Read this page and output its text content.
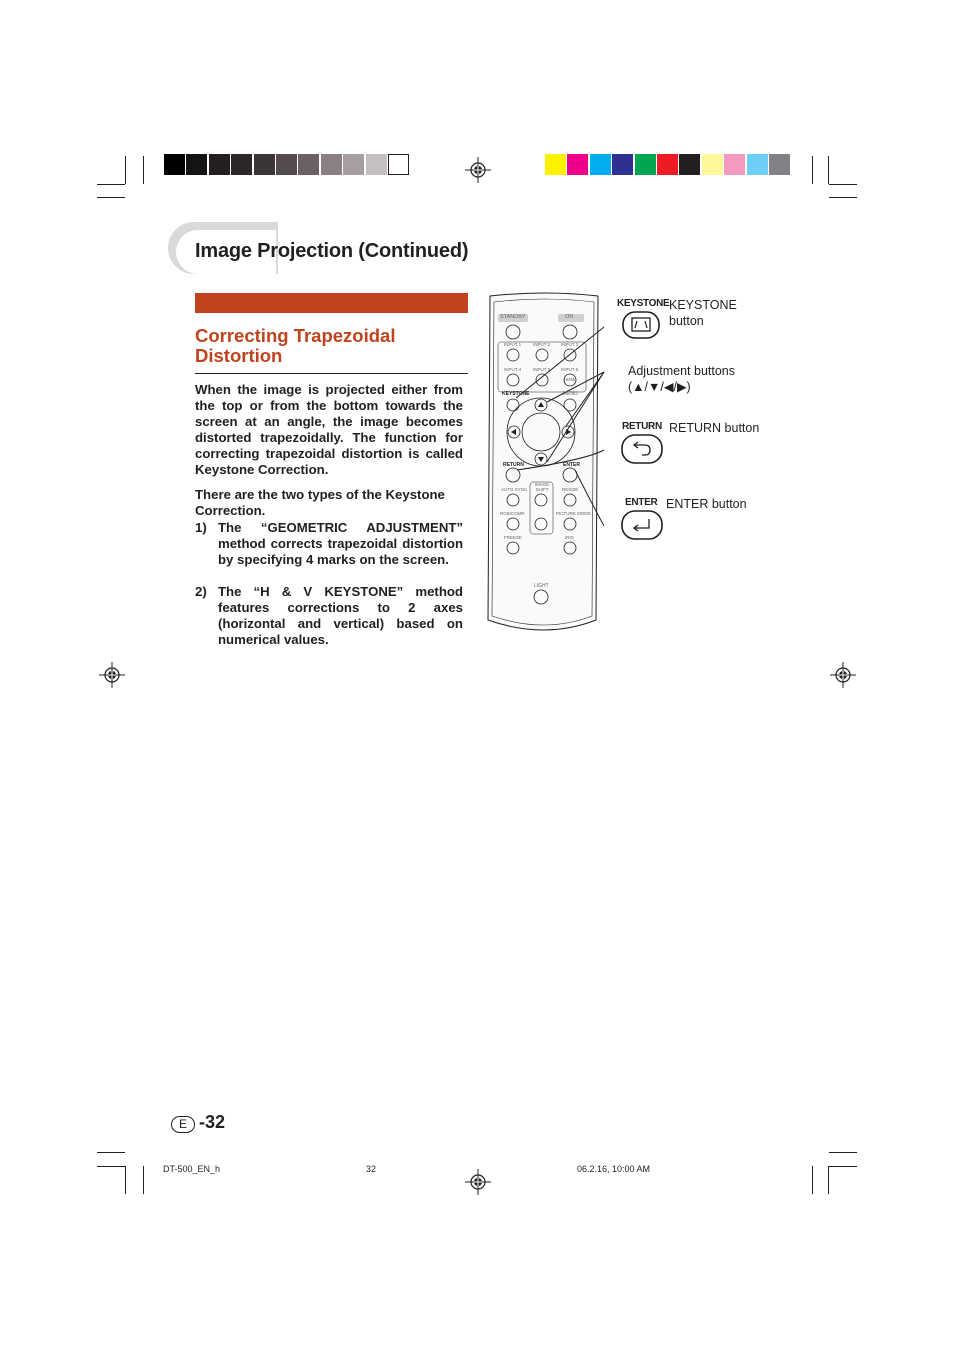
Image Projection (Continued)
Correcting Trapezoidal Distortion
When the image is projected either from the top or from the bottom towards the screen at an angle, the image becomes distorted trapezoidally. The function for correcting trapezoidal distortion is called Keystone Correction.
There are the two types of the Keystone Correction.
1) The “GEOMETRIC ADJUSTMENT” method corrects trapezoidal distortion by specifying 4 marks on the screen.
2) The “H & V KEYSTONE” method features corrections to 2 axes (horizontal and vertical) based on numerical values.
STANDBY	ON
INPUT 1	INPUT 2 INPUT 3
INPUT 4	INPUT 5 INPUT 6
HDMI
KEYSTONE	MENU
RETURN	ENTER
AUTO SYNC
IMAGE SHIFT	RESIZE
RGB/COMP.	PICTURE MODE
FREEZE	IRIS
LIGHT
KEYSTONE KEYSTONE
button
Adjustment buttons
(▲/▼/◀/▶)
RETURN RETURN button
ENTER ENTER button
E -32
DT-500_EN_h	32	06.2.16, 10:00 AM
